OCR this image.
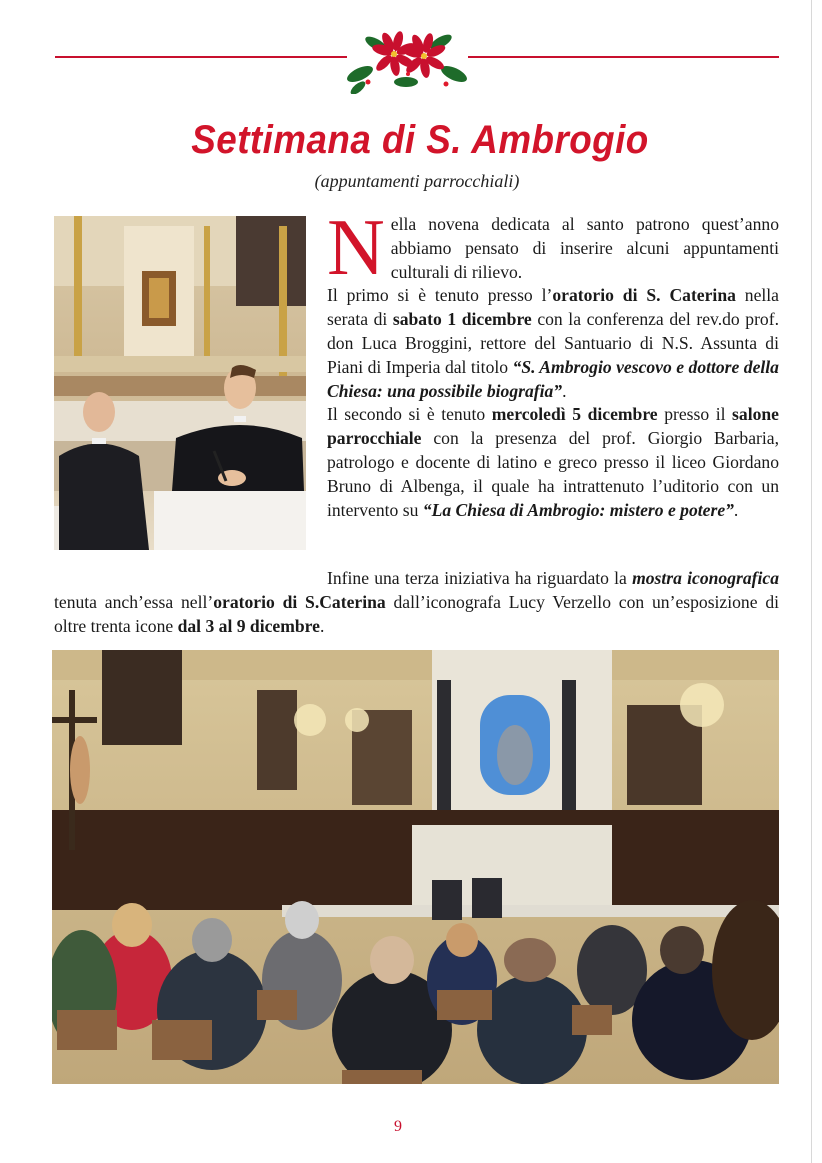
Settimana di S. Ambrogio
(appuntamenti parrocchiali)

Nella novena dedicata al santo patrono quest’anno abbiamo pensato di inserire alcuni appuntamenti culturali di rilievo.

Il primo si è tenuto presso l’oratorio di S. Caterina nella serata di sabato 1 dicembre con la conferenza del rev.do prof. don Luca Broggini, rettore del Santuario di N.S. Assunta di Piani di Imperia dal titolo “S. Ambrogio vescovo e dottore della Chiesa: una possibile biografia”.

Il secondo si è tenuto mercoledì 5 dicembre presso il salone parrocchiale con la presenza del prof. Giorgio Barbaria, patrologo e docente di latino e greco presso il liceo Giordano Bruno di Albenga, il quale ha intrattenuto l’uditorio con un intervento su “La Chiesa di Ambrogio: mistero e potere”.

Infine una terza iniziativa ha riguardato la mostra iconografica tenuta anch’essa nell’oratorio di S.Caterina dall’iconografa Lucy Verzello con un’esposizione di oltre trenta icone dal 3 al 9 dicembre.

9
